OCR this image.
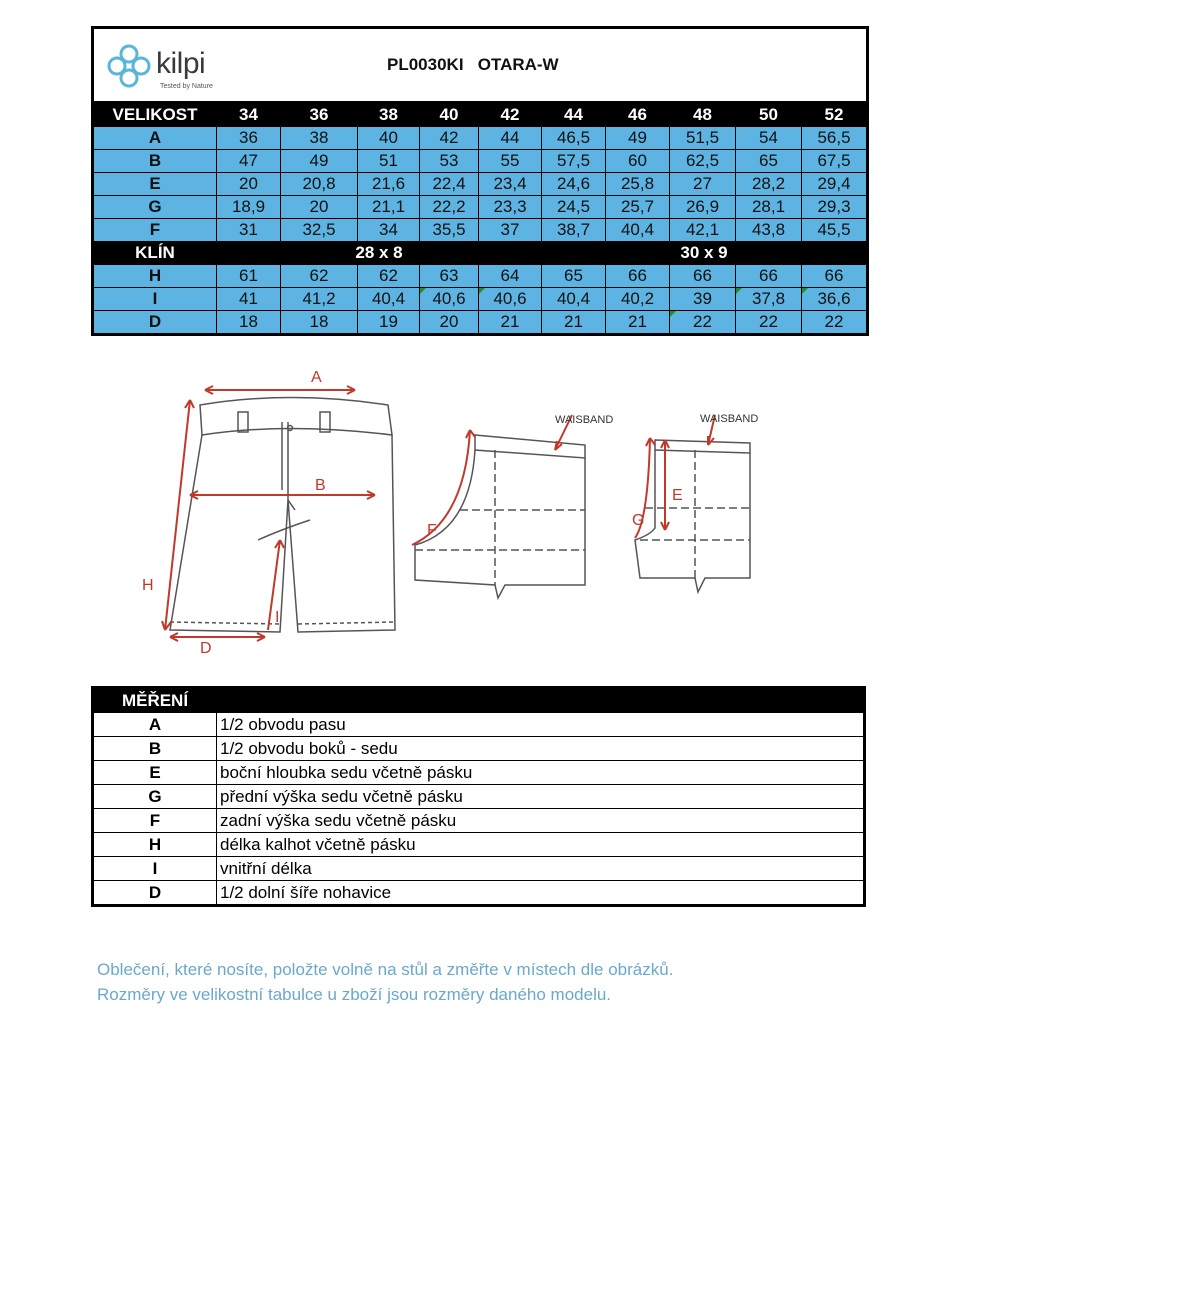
kilpi
Tested by Nature
PL0030KI OTARA-W
VELIKOST	34	36	38	40	42	44	46	48	50	52
A	36	38	40	42	44	46,5	49	51,5	54	56,5
B	47	49	51	53	55	57,5	60	62,5	65	67,5
E	20	20,8	21,6	22,4	23,4	24,6	25,8	27	28,2	29,4
G	18,9	20	21,1	22,2	23,3	24,5	25,7	26,9	28,1	29,3
F	31	32,5	34	35,5	37	38,7	40,4	42,1	43,8	45,5
KLÍN	28 x 8					30 x 9				
H	61	62	62	63	64	65	66	66	66	66
I	41	41,2	40,4	40,6	40,6	40,4	40,2	39	37,8	36,6
D	18	18	19	20	21	21	21	22	22	22
A
B
H
I
D
F
G
E
WAISBAND	WAISBAND
MĚŘENÍ	
A	1/2 obvodu pasu
B	1/2 obvodu boků - sedu
E	boční hloubka sedu včetně pásku
G	přední výška sedu včetně pásku
F	zadní výška sedu včetně pásku
H	délka kalhot včetně pásku
I	vnitřní délka
D	1/2 dolní šíře nohavice
Oblečení, které nosíte, položte volně na stůl a změřte v místech dle obrázků.
Rozměry ve velikostní tabulce u zboží jsou rozměry daného modelu.
